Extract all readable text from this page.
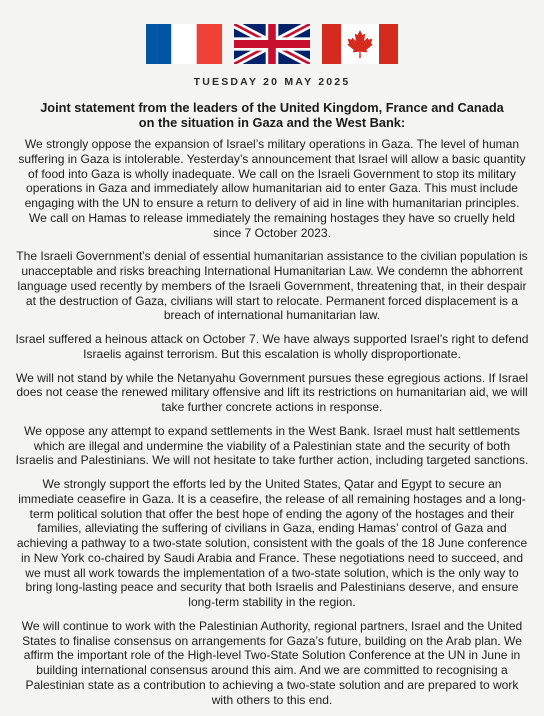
TUESDAY 20 MAY 2025
Joint statement from the leaders of the United Kingdom, France and Canada on the situation in Gaza and the West Bank:

We strongly oppose the expansion of Israel’s military operations in Gaza. The level of human suffering in Gaza is intolerable. Yesterday’s announcement that Israel will allow a basic quantity of food into Gaza is wholly inadequate. We call on the Israeli Government to stop its military operations in Gaza and immediately allow humanitarian aid to enter Gaza. This must include engaging with the UN to ensure a return to delivery of aid in line with humanitarian principles. We call on Hamas to release immediately the remaining hostages they have so cruelly held since 7 October 2023.

The Israeli Government’s denial of essential humanitarian assistance to the civilian population is unacceptable and risks breaching International Humanitarian Law. We condemn the abhorrent language used recently by members of the Israeli Government, threatening that, in their despair at the destruction of Gaza, civilians will start to relocate. Permanent forced displacement is a breach of international humanitarian law.

Israel suffered a heinous attack on October 7. We have always supported Israel’s right to defend Israelis against terrorism. But this escalation is wholly disproportionate.

We will not stand by while the Netanyahu Government pursues these egregious actions. If Israel does not cease the renewed military offensive and lift its restrictions on humanitarian aid, we will take further concrete actions in response.

We oppose any attempt to expand settlements in the West Bank. Israel must halt settlements which are illegal and undermine the viability of a Palestinian state and the security of both Israelis and Palestinians. We will not hesitate to take further action, including targeted sanctions.

We strongly support the efforts led by the United States, Qatar and Egypt to secure an immediate ceasefire in Gaza. It is a ceasefire, the release of all remaining hostages and a long-term political solution that offer the best hope of ending the agony of the hostages and their families, alleviating the suffering of civilians in Gaza, ending Hamas’ control of Gaza and achieving a pathway to a two-state solution, consistent with the goals of the 18 June conference in New York co-chaired by Saudi Arabia and France. These negotiations need to succeed, and we must all work towards the implementation of a two-state solution, which is the only way to bring long-lasting peace and security that both Israelis and Palestinians deserve, and ensure long-term stability in the region.

We will continue to work with the Palestinian Authority, regional partners, Israel and the United States to finalise consensus on arrangements for Gaza’s future, building on the Arab plan. We affirm the important role of the High-level Two-State Solution Conference at the UN in June in building international consensus around this aim. And we are committed to recognising a Palestinian state as a contribution to achieving a two-state solution and are prepared to work with others to this end.
